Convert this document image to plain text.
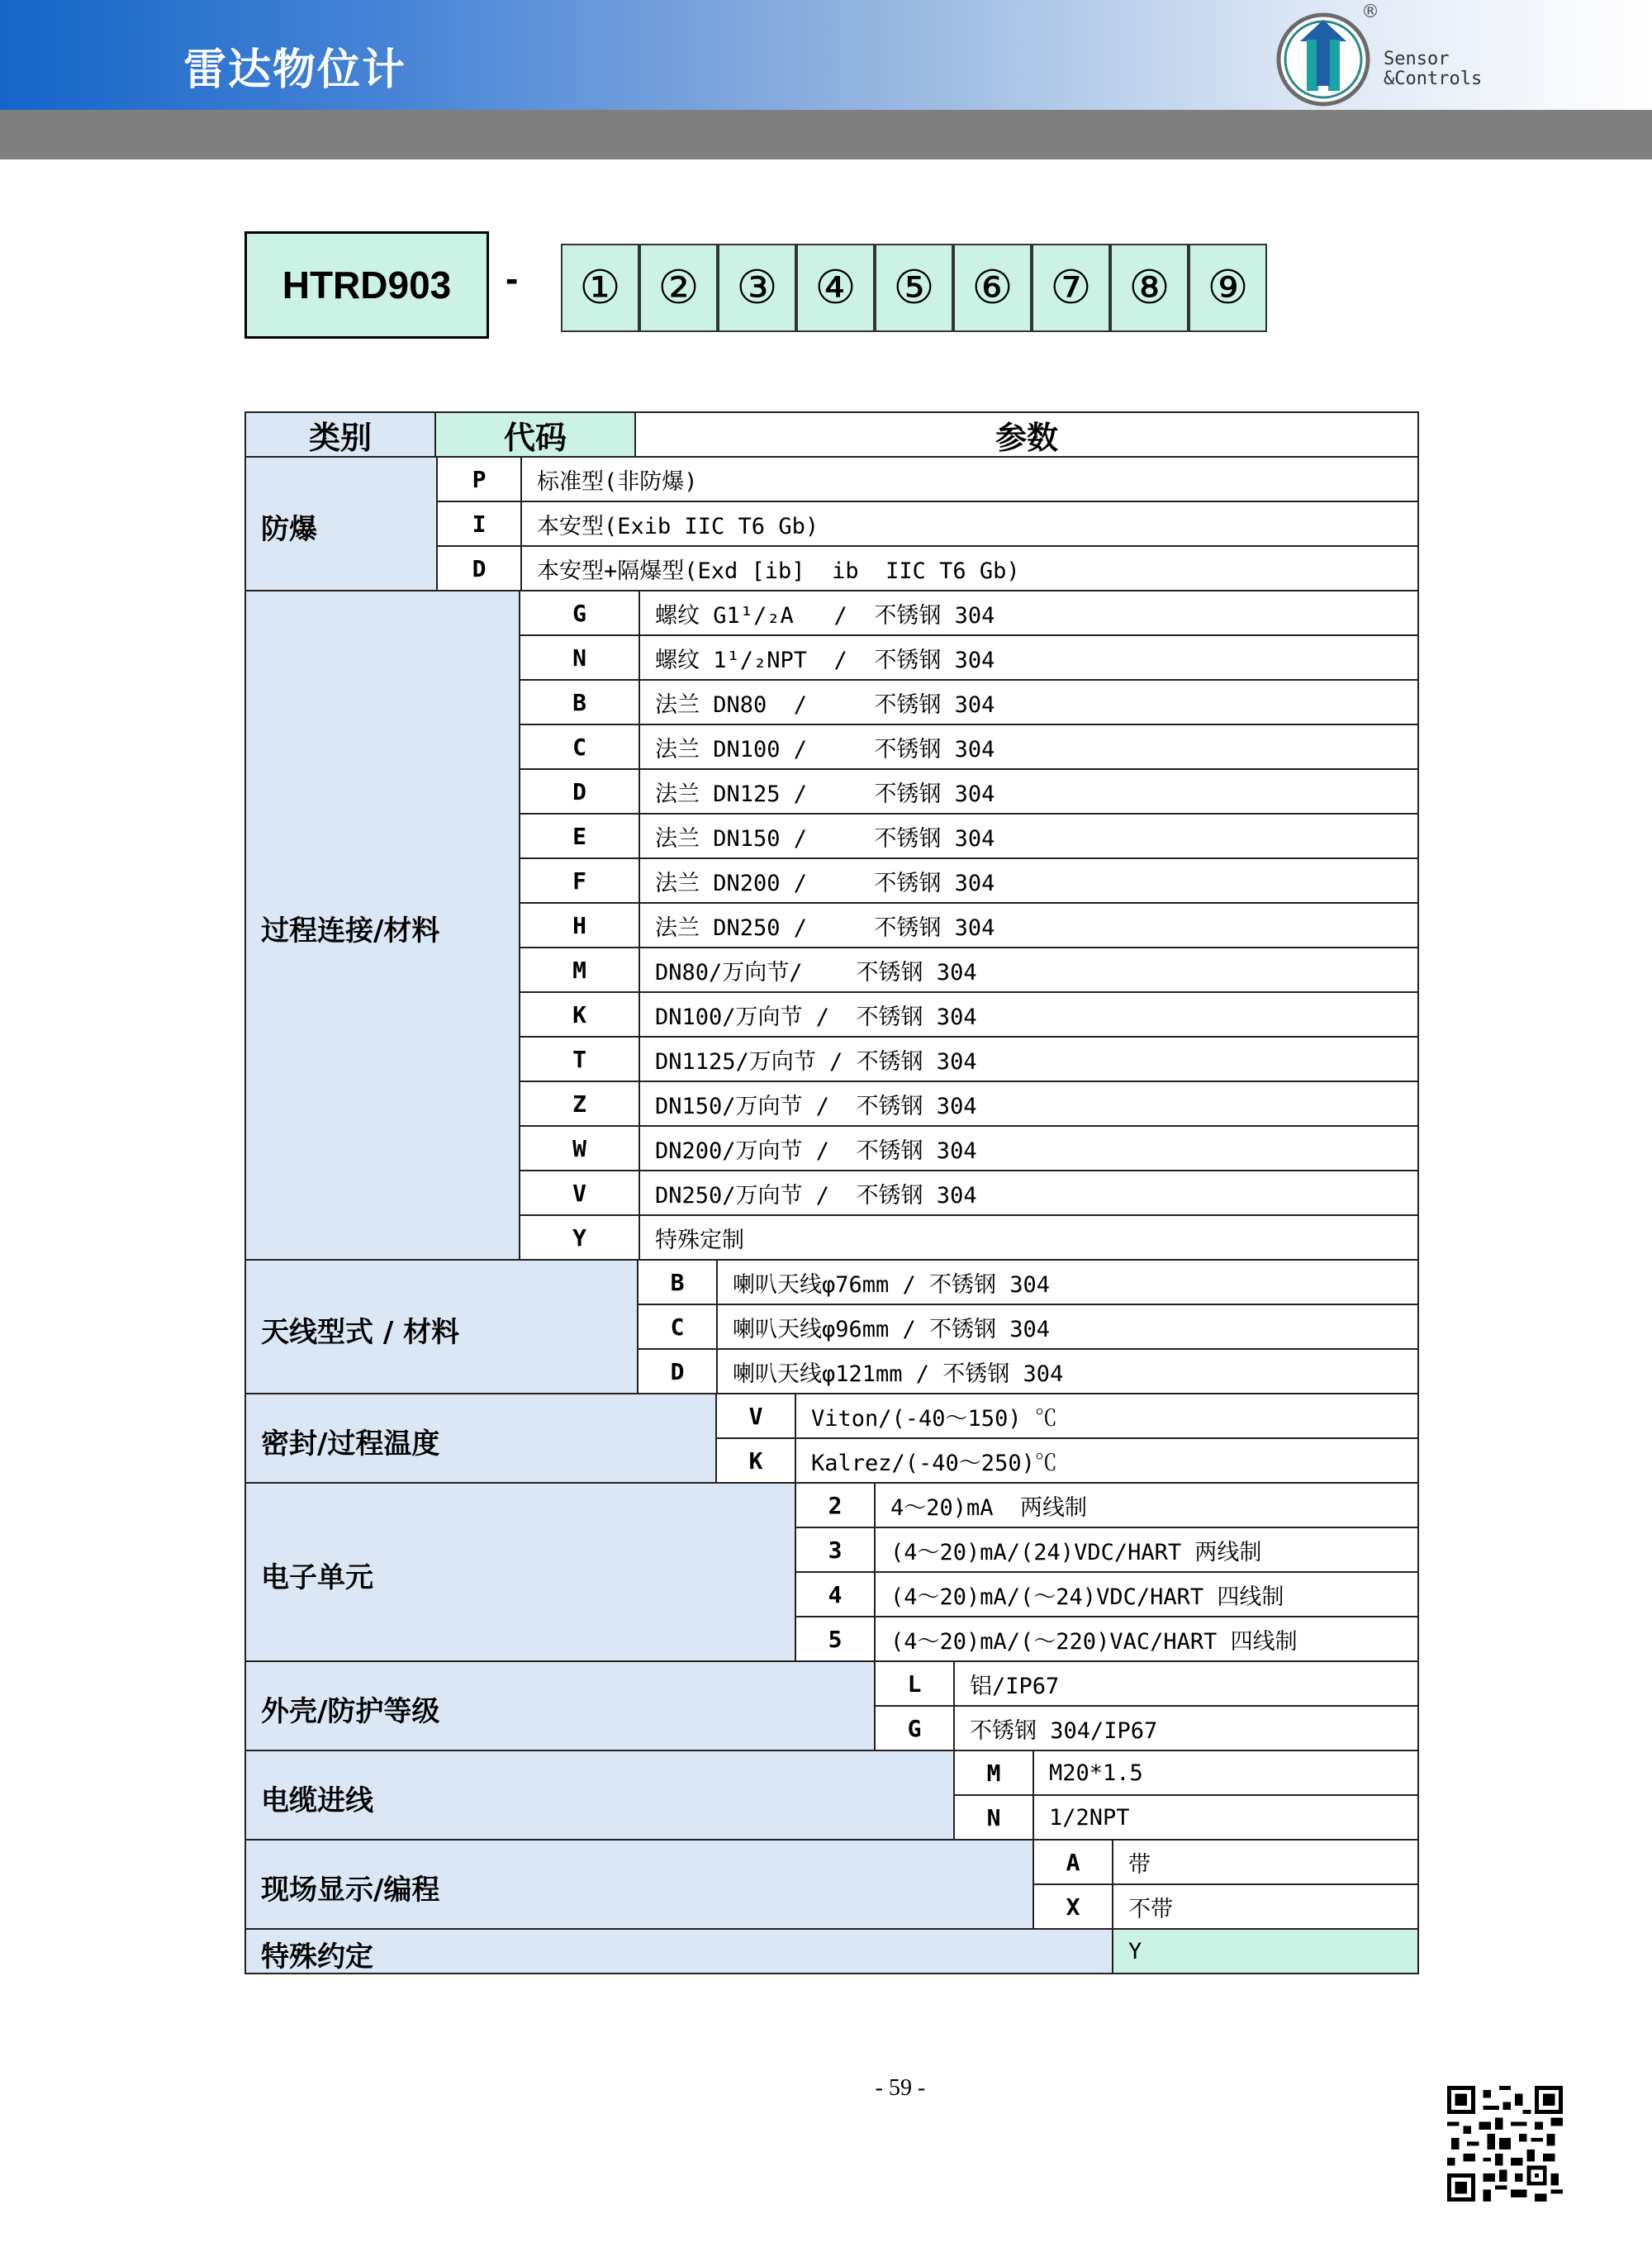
雷达物位计
®
Sensor
&Controls
HTRD903	-	① ② ③ ④ ⑤ ⑥ ⑦ ⑧ ⑨
类别	代码	参数
防爆
P	标准型(非防爆)
I	本安型(Exib IIC T6 Gb)
D	本安型+隔爆型(Exd [ib]  ib  IIC T6 Gb)
过程连接/材料
G	螺纹 G1¹/₂A   /  不锈钢 304
N	螺纹 1¹/₂NPT  /  不锈钢 304
B	法兰 DN80  /     不锈钢 304
C	法兰 DN100 /     不锈钢 304
D	法兰 DN125 /     不锈钢 304
E	法兰 DN150 /     不锈钢 304
F	法兰 DN200 /     不锈钢 304
H	法兰 DN250 /     不锈钢 304
M	DN80/万向节/    不锈钢 304
K	DN100/万向节 /  不锈钢 304
T	DN1125/万向节 / 不锈钢 304
Z	DN150/万向节 /  不锈钢 304
W	DN200/万向节 /  不锈钢 304
V	DN250/万向节 /  不锈钢 304
Y	特殊定制
天线型式 / 材料
B	喇叭天线φ76mm / 不锈钢 304
C	喇叭天线φ96mm / 不锈钢 304
D	喇叭天线φ121mm / 不锈钢 304
密封/过程温度
V	Viton/(-40～150) ℃
K	Kalrez/(-40～250)℃
电子单元
2	4～20)mA  两线制
3	(4～20)mA/(24)VDC/HART 两线制
4	(4～20)mA/(～24)VDC/HART 四线制
5	(4～20)mA/(～220)VAC/HART 四线制
外壳/防护等级
L	铝/IP67
G	不锈钢 304/IP67
电缆进线
M	M20*1.5
N	1/2NPT
现场显示/编程
A	带
X	不带
特殊约定	Y
- 59 -
